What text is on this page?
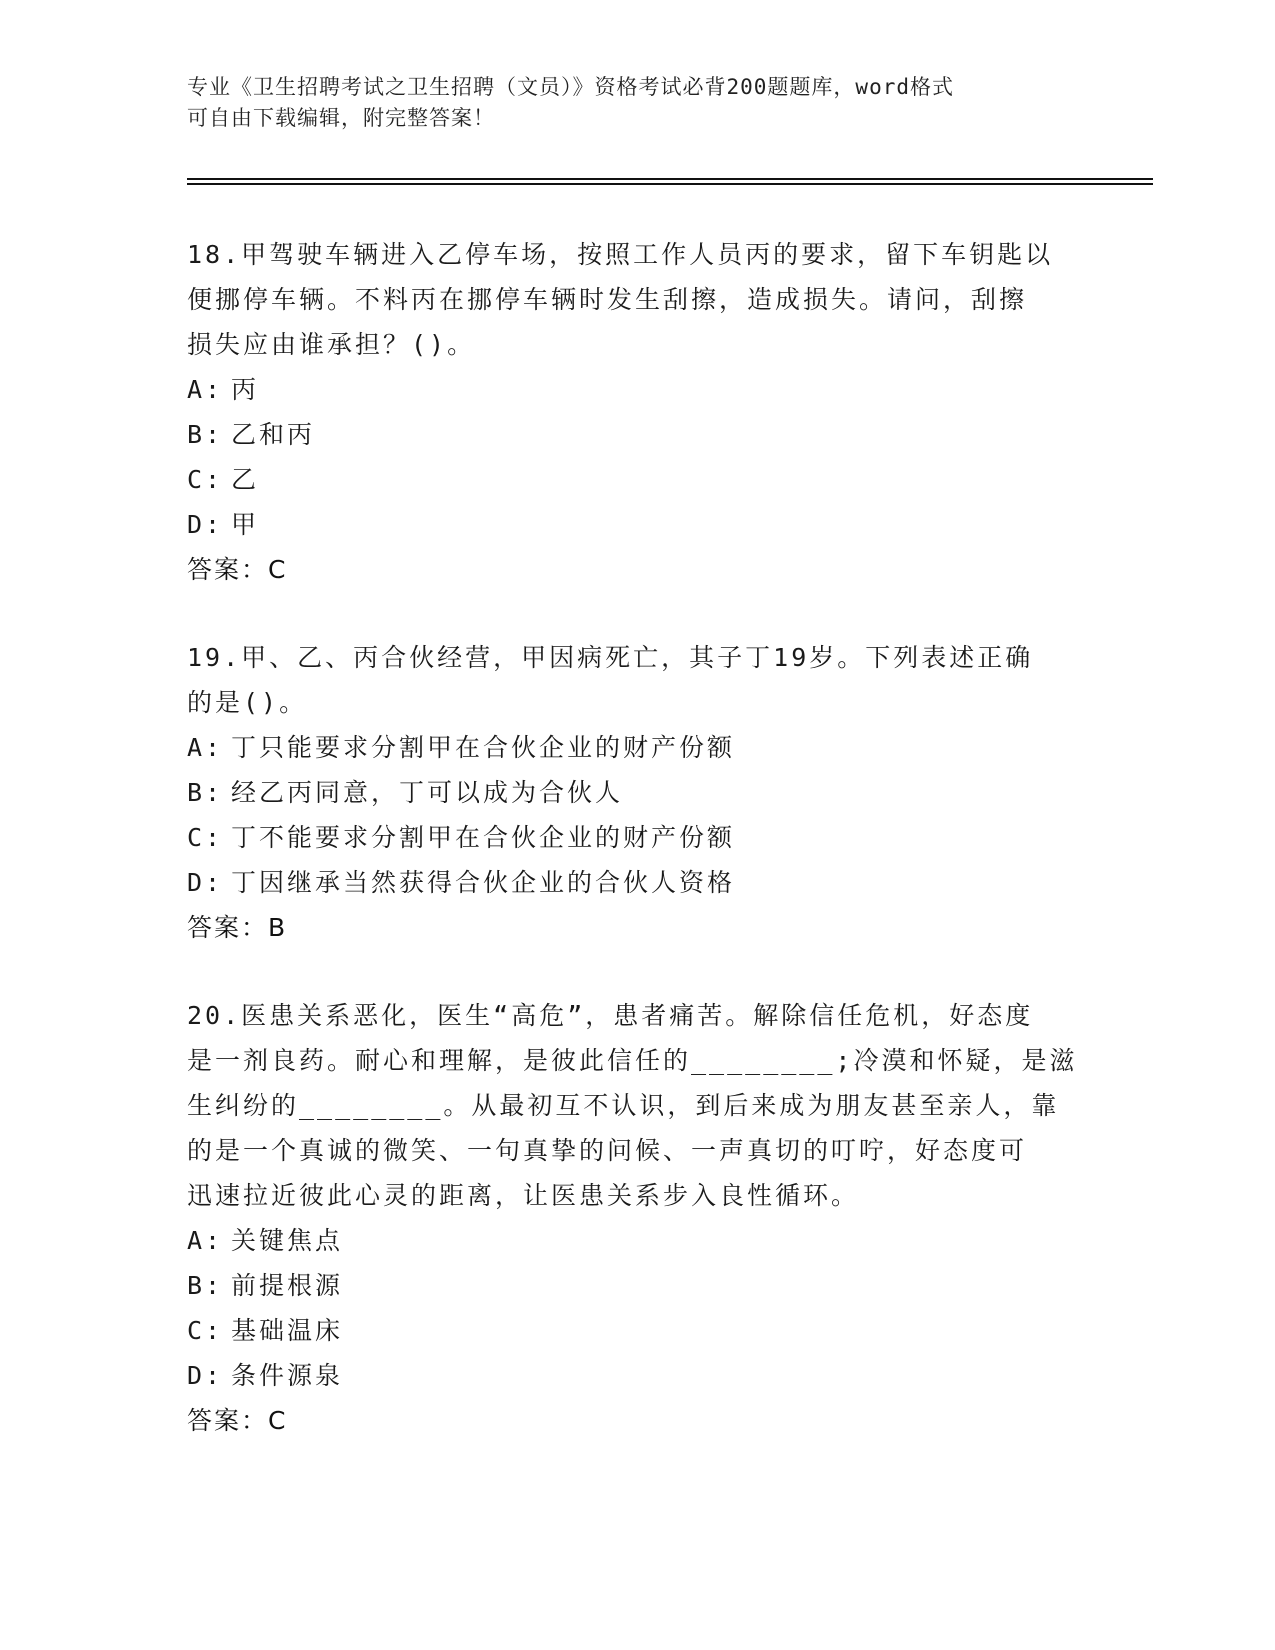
专业《卫生招聘考试之卫生招聘（文员）》资格考试必背200题题库，word格式
可自由下载编辑，附完整答案！
18.甲驾驶车辆进入乙停车场，按照工作人员丙的要求，留下车钥匙以
便挪停车辆。不料丙在挪停车辆时发生刮擦，造成损失。请问，刮擦
损失应由谁承担？()。
A: 丙
B: 乙和丙
C: 乙
D: 甲
答案：C
19.甲、乙、丙合伙经营，甲因病死亡，其子丁19岁。下列表述正确
的是()。
A: 丁只能要求分割甲在合伙企业的财产份额
B: 经乙丙同意，丁可以成为合伙人
C: 丁不能要求分割甲在合伙企业的财产份额
D: 丁因继承当然获得合伙企业的合伙人资格
答案：B
20.医患关系恶化，医生“高危”，患者痛苦。解除信任危机，好态度
是一剂良药。耐心和理解，是彼此信任的________;冷漠和怀疑，是滋
生纠纷的________。从最初互不认识，到后来成为朋友甚至亲人，靠
的是一个真诚的微笑、一句真挚的问候、一声真切的叮咛，好态度可
迅速拉近彼此心灵的距离，让医患关系步入良性循环。
A: 关键焦点
B: 前提根源
C: 基础温床
D: 条件源泉
答案：C
